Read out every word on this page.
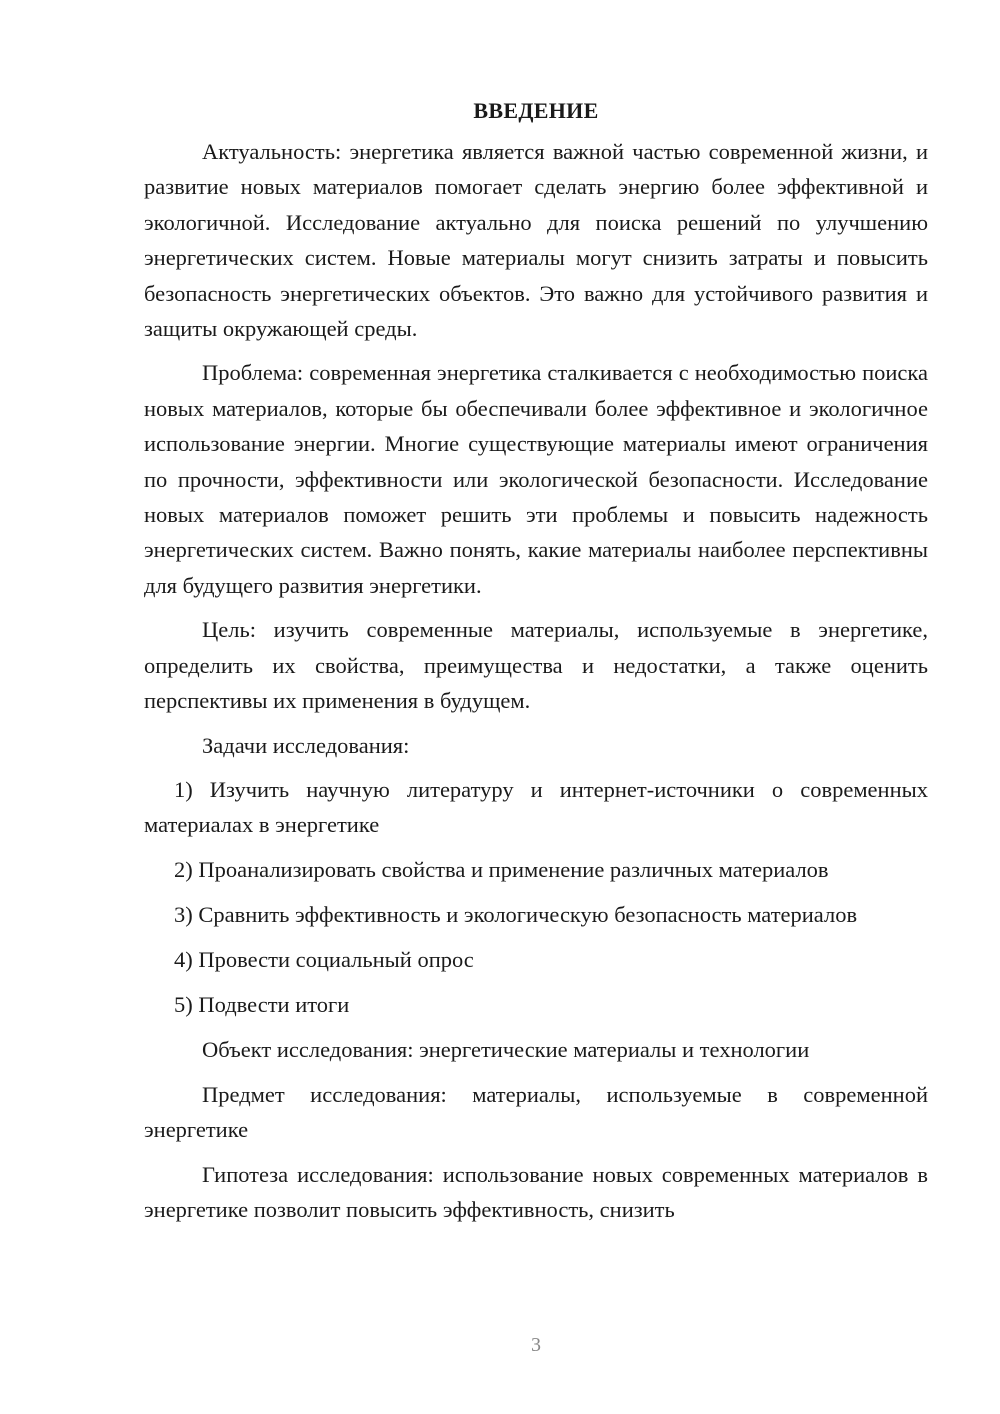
ВВЕДЕНИЕ

Актуальность: энергетика является важной частью современной жизни, и развитие новых материалов помогает сделать энергию более эффективной и экологичной. Исследование актуально для поиска решений по улучшению энергетических систем. Новые материалы могут снизить затраты и повысить безопасность энергетических объектов. Это важно для устойчивого развития и защиты окружающей среды.

Проблема: современная энергетика сталкивается с необходимостью поиска новых материалов, которые бы обеспечивали более эффективное и экологичное использование энергии. Многие существующие материалы имеют ограничения по прочности, эффективности или экологической безопасности. Исследование новых материалов поможет решить эти проблемы и повысить надежность энергетических систем. Важно понять, какие материалы наиболее перспективны для будущего развития энергетики.

Цель: изучить современные материалы, используемые в энергетике, определить их свойства, преимущества и недостатки, а также оценить перспективы их применения в будущем.

Задачи исследования:

1) Изучить научную литературу и интернет-источники о современных материалах в энергетике
2) Проанализировать свойства и применение различных материалов
3) Сравнить эффективность и экологическую безопасность материалов
4) Провести социальный опрос
5) Подвести итоги

Объект исследования: энергетические материалы и технологии

Предмет исследования: материалы, используемые в современной энергетике

Гипотеза исследования: использование новых современных материалов в энергетике позволит повысить эффективность, снизить

3
